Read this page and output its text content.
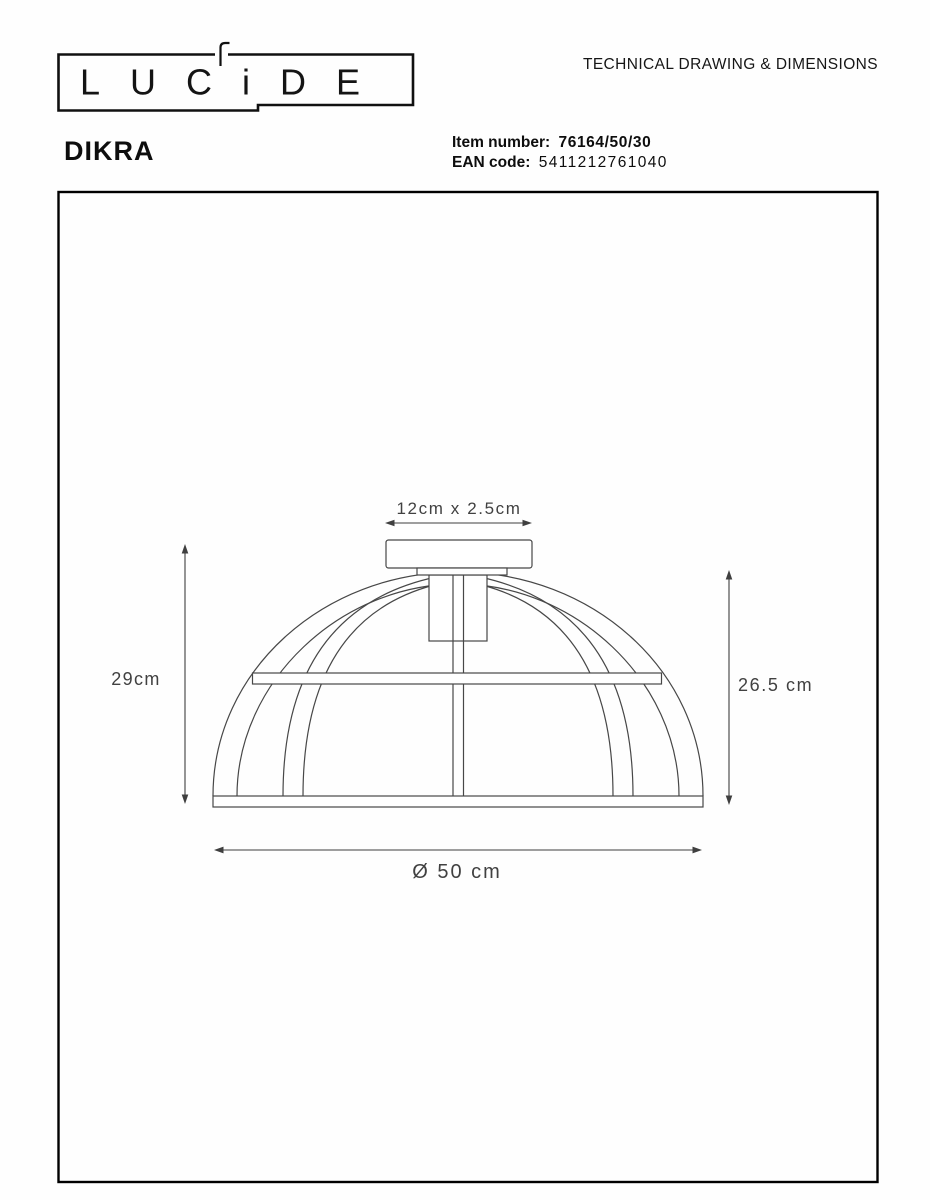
LUCiDE	TECHNICAL DRAWING & DIMENSIONS
DIKRA	Item number: 76164/50/30
EAN code: 5411212761040
12cm x 2.5cm
29cm	26.5 cm
Ø 50 cm
